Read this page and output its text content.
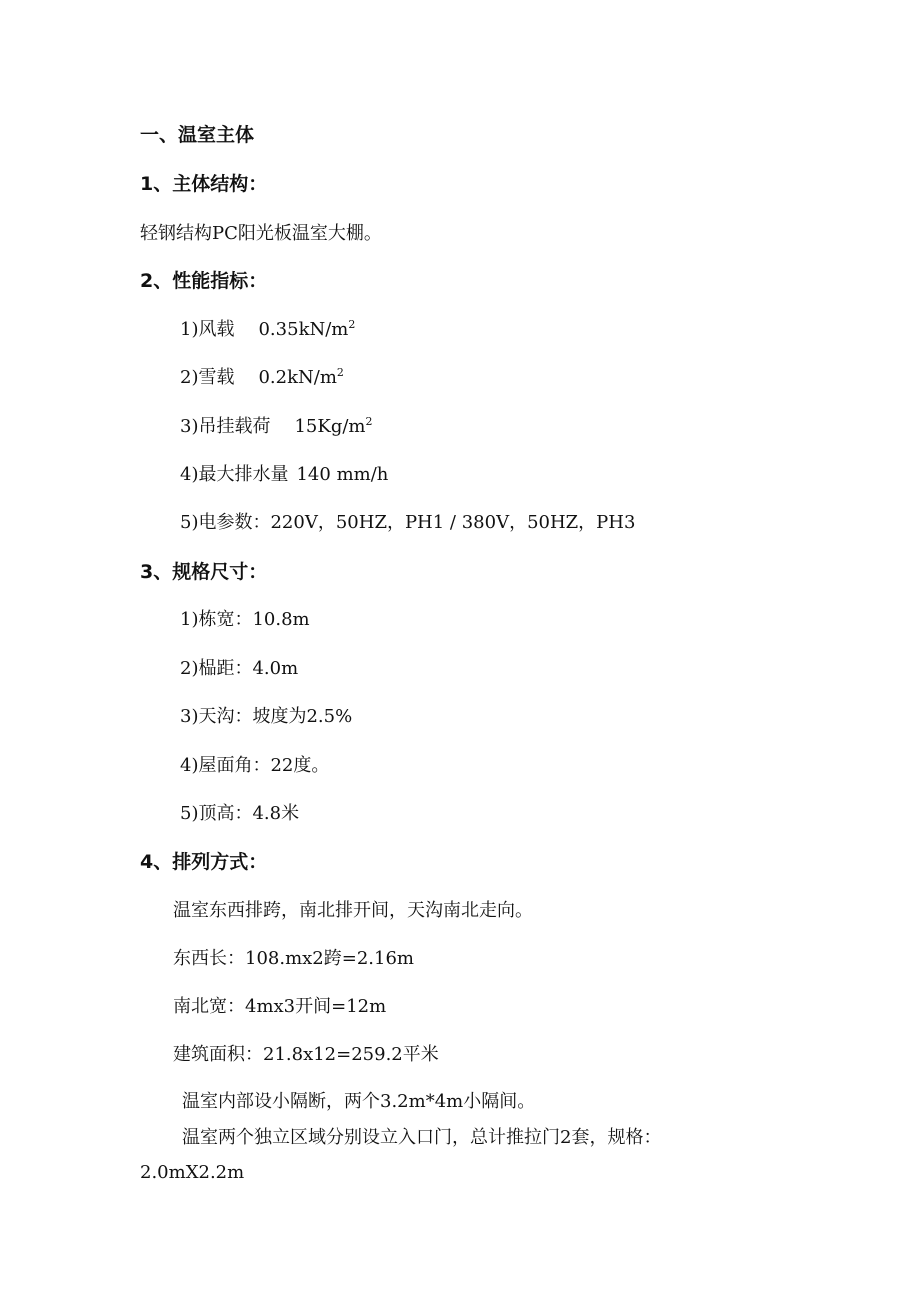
一、温室主体
1、主体结构：
轻钢结构PC阳光板温室大棚。
2、性能指标：
1)风载 $0.35kN/m^2$
2)雪载 $0.2kN/m^2$
3)吊挂载荷 $15Kg/m^2$
4)最大排水量 140 mm/h
5)电参数：220V，50HZ，PH1 / 380V，50HZ，PH3
3、规格尺寸：
1)栋宽：10.8m
2)榀距：4.0m
3)天沟：坡度为2.5%
4)屋面角：22度。
5)顶高：4.8米
4、排列方式：
温室东西排跨，南北排开间，天沟南北走向。
东西长：108.mx2跨=2.16m
南北宽：4mx3开间=12m
建筑面积：21.8x12=259.2平米
温室内部设小隔断，两个3.2m*4m小隔间。
温室两个独立区域分别设立入口门，总计推拉门2套，规格：
2.0mX2.2m
